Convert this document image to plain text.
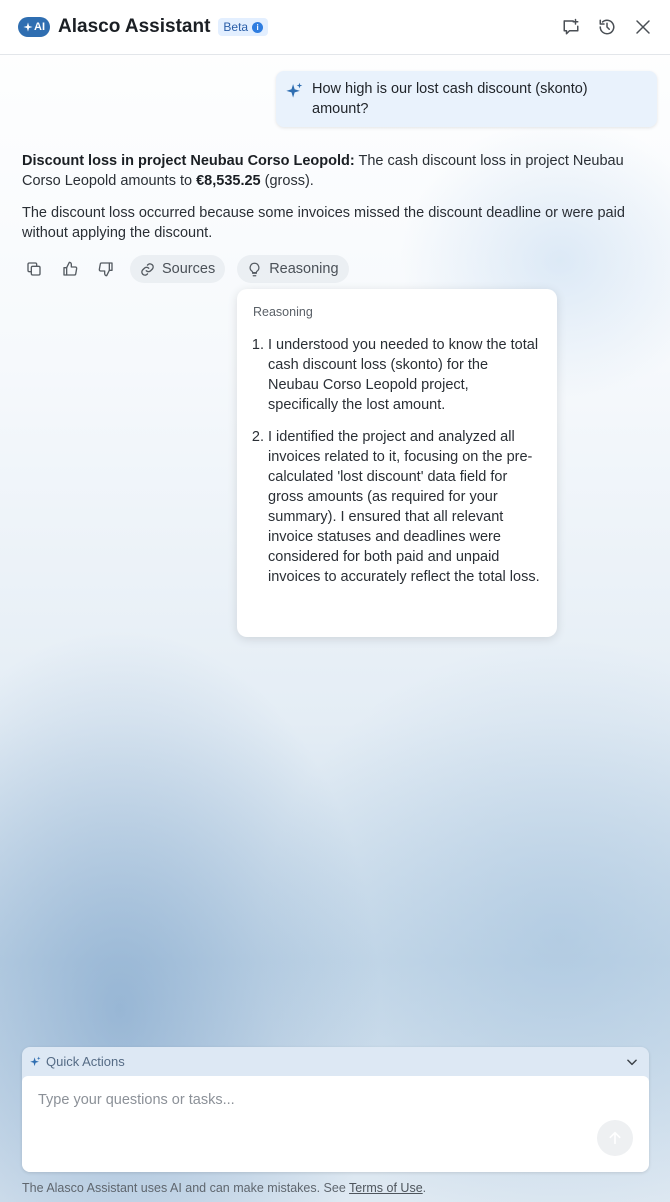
AI Alasco Assistant Beta	i
How high is our lost cash discount (skonto) amount?

Discount loss in project Neubau Corso Leopold: The cash discount loss in project Neubau Corso Leopold amounts to €8,535.25 (gross).

The discount loss occurred because some invoices missed the discount deadline or were paid without applying the discount.

Sources	Reasoning
Reasoning
1. I understood you needed to know the total cash discount loss (skonto) for the Neubau Corso Leopold project, specifically the lost amount.
2. I identified the project and analyzed all invoices related to it, focusing on the pre-calculated 'lost discount' data field for gross amounts (as required for your summary). I ensured that all relevant invoice statuses and deadlines were considered for both paid and unpaid invoices to accurately reflect the total loss.
Quick Actions
Type your questions or tasks...
The Alasco Assistant uses AI and can make mistakes. See Terms of Use.
